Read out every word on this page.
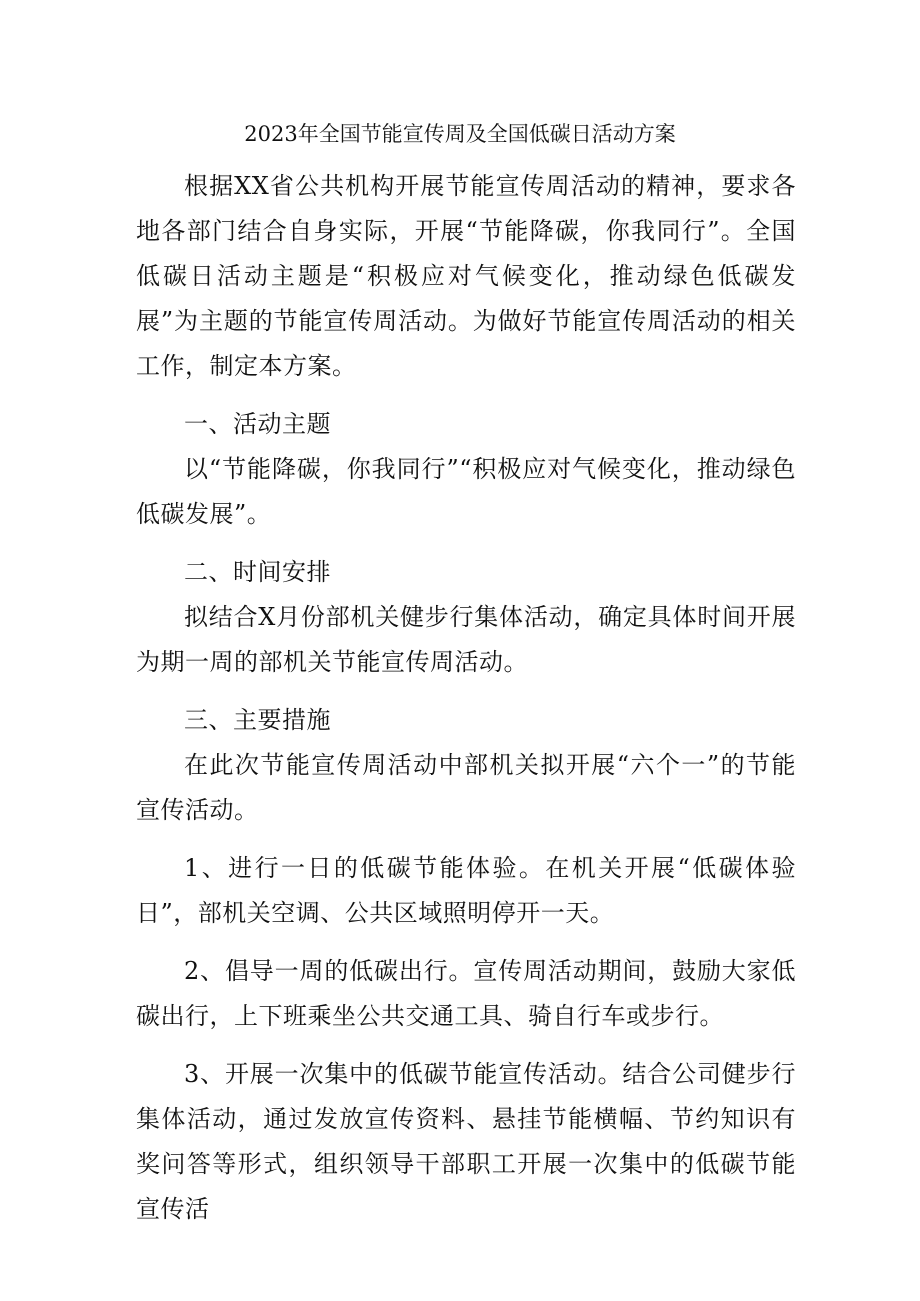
2023年全国节能宣传周及全国低碳日活动方案

根据XX省公共机构开展节能宣传周活动的精神，要求各地各部门结合自身实际，开展“节能降碳，你我同行”。全国低碳日活动主题是“积极应对气候变化，推动绿色低碳发展”为主题的节能宣传周活动。为做好节能宣传周活动的相关工作，制定本方案。

一、活动主题

以“节能降碳，你我同行”“积极应对气候变化，推动绿色低碳发展”。

二、时间安排

拟结合X月份部机关健步行集体活动，确定具体时间开展为期一周的部机关节能宣传周活动。

三、主要措施

在此次节能宣传周活动中部机关拟开展“六个一”的节能宣传活动。

1、进行一日的低碳节能体验。在机关开展“低碳体验日”，部机关空调、公共区域照明停开一天。

2、倡导一周的低碳出行。宣传周活动期间，鼓励大家低碳出行，上下班乘坐公共交通工具、骑自行车或步行。

3、开展一次集中的低碳节能宣传活动。结合公司健步行集体活动，通过发放宣传资料、悬挂节能横幅、节约知识有奖问答等形式，组织领导干部职工开展一次集中的低碳节能宣传活
